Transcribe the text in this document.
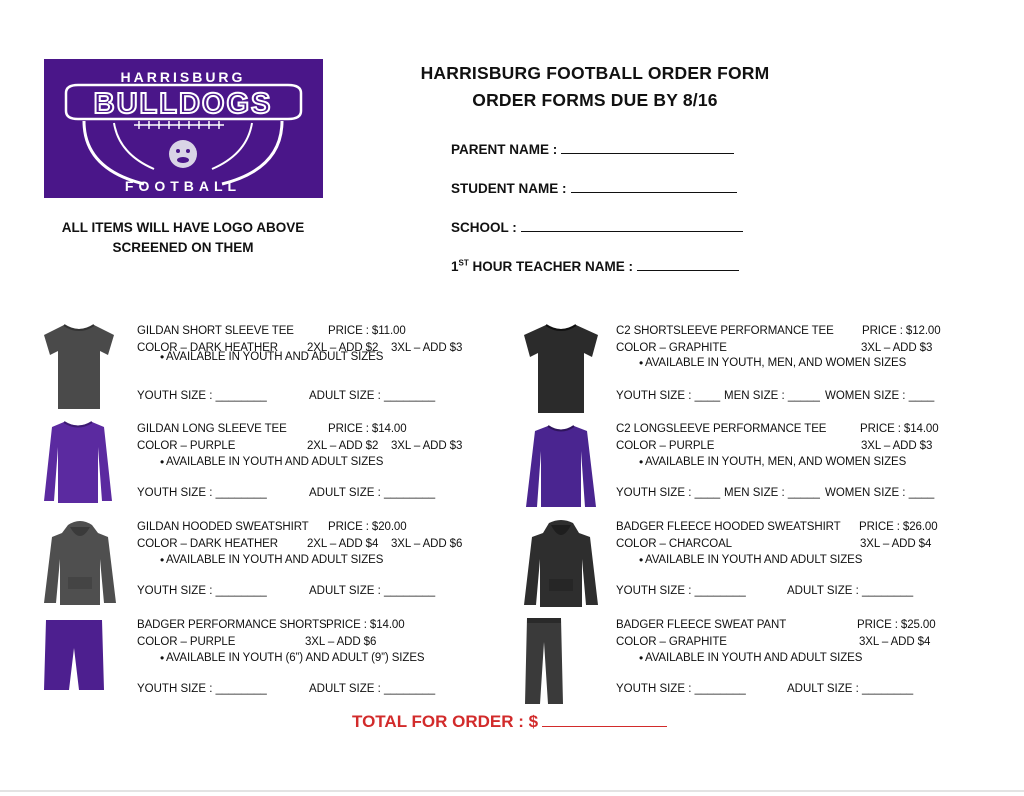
HARRISBURG
BULLDOGS
FOOTBALL
ALL ITEMS WILL HAVE LOGO ABOVE SCREENED ON THEM
HARRISBURG FOOTBALL ORDER FORM
ORDER FORMS DUE BY 8/16
PARENT NAME :
STUDENT NAME :
SCHOOL :
1ST HOUR TEACHER NAME :
GILDAN SHORT SLEEVE TEE	PRICE : $11.00
COLOR – DARK HEATHER	2XL – ADD $2 3XL – ADD $3
• AVAILABLE IN YOUTH AND ADULT SIZES
YOUTH SIZE : ________	ADULT SIZE : ________
GILDAN LONG SLEEVE TEE	PRICE : $14.00
COLOR – PURPLE	2XL – ADD $2 3XL – ADD $3
• AVAILABLE IN YOUTH AND ADULT SIZES
YOUTH SIZE : ________	ADULT SIZE : ________
GILDAN HOODED SWEATSHIRT PRICE : $20.00
COLOR – DARK HEATHER	2XL – ADD $4 3XL – ADD $6
• AVAILABLE IN YOUTH AND ADULT SIZES
YOUTH SIZE : ________	ADULT SIZE : ________
BADGER PERFORMANCE SHORTS PRICE : $14.00
COLOR – PURPLE	3XL – ADD $6
• AVAILABLE IN YOUTH (6”) AND ADULT (9”) SIZES
YOUTH SIZE : ________	ADULT SIZE : ________
C2 SHORTSLEEVE PERFORMANCE TEE PRICE : $12.00
COLOR – GRAPHITE	3XL – ADD $3
• AVAILABLE IN YOUTH, MEN, AND WOMEN SIZES
YOUTH SIZE : ____ MEN SIZE : _____ WOMEN SIZE : ____
C2 LONGSLEEVE PERFORMANCE TEE	PRICE : $14.00
COLOR – PURPLE	3XL – ADD $3
• AVAILABLE IN YOUTH, MEN, AND WOMEN SIZES
YOUTH SIZE : ____ MEN SIZE : _____ WOMEN SIZE : ____
BADGER FLEECE HOODED SWEATSHIRT PRICE : $26.00
COLOR – CHARCOAL	3XL – ADD $4
• AVAILABLE IN YOUTH AND ADULT SIZES
YOUTH SIZE : ________	ADULT SIZE : ________
BADGER FLEECE SWEAT PANT	PRICE : $25.00
COLOR – GRAPHITE	3XL – ADD $4
• AVAILABLE IN YOUTH AND ADULT SIZES
YOUTH SIZE : ________	ADULT SIZE : ________
TOTAL FOR ORDER : $
